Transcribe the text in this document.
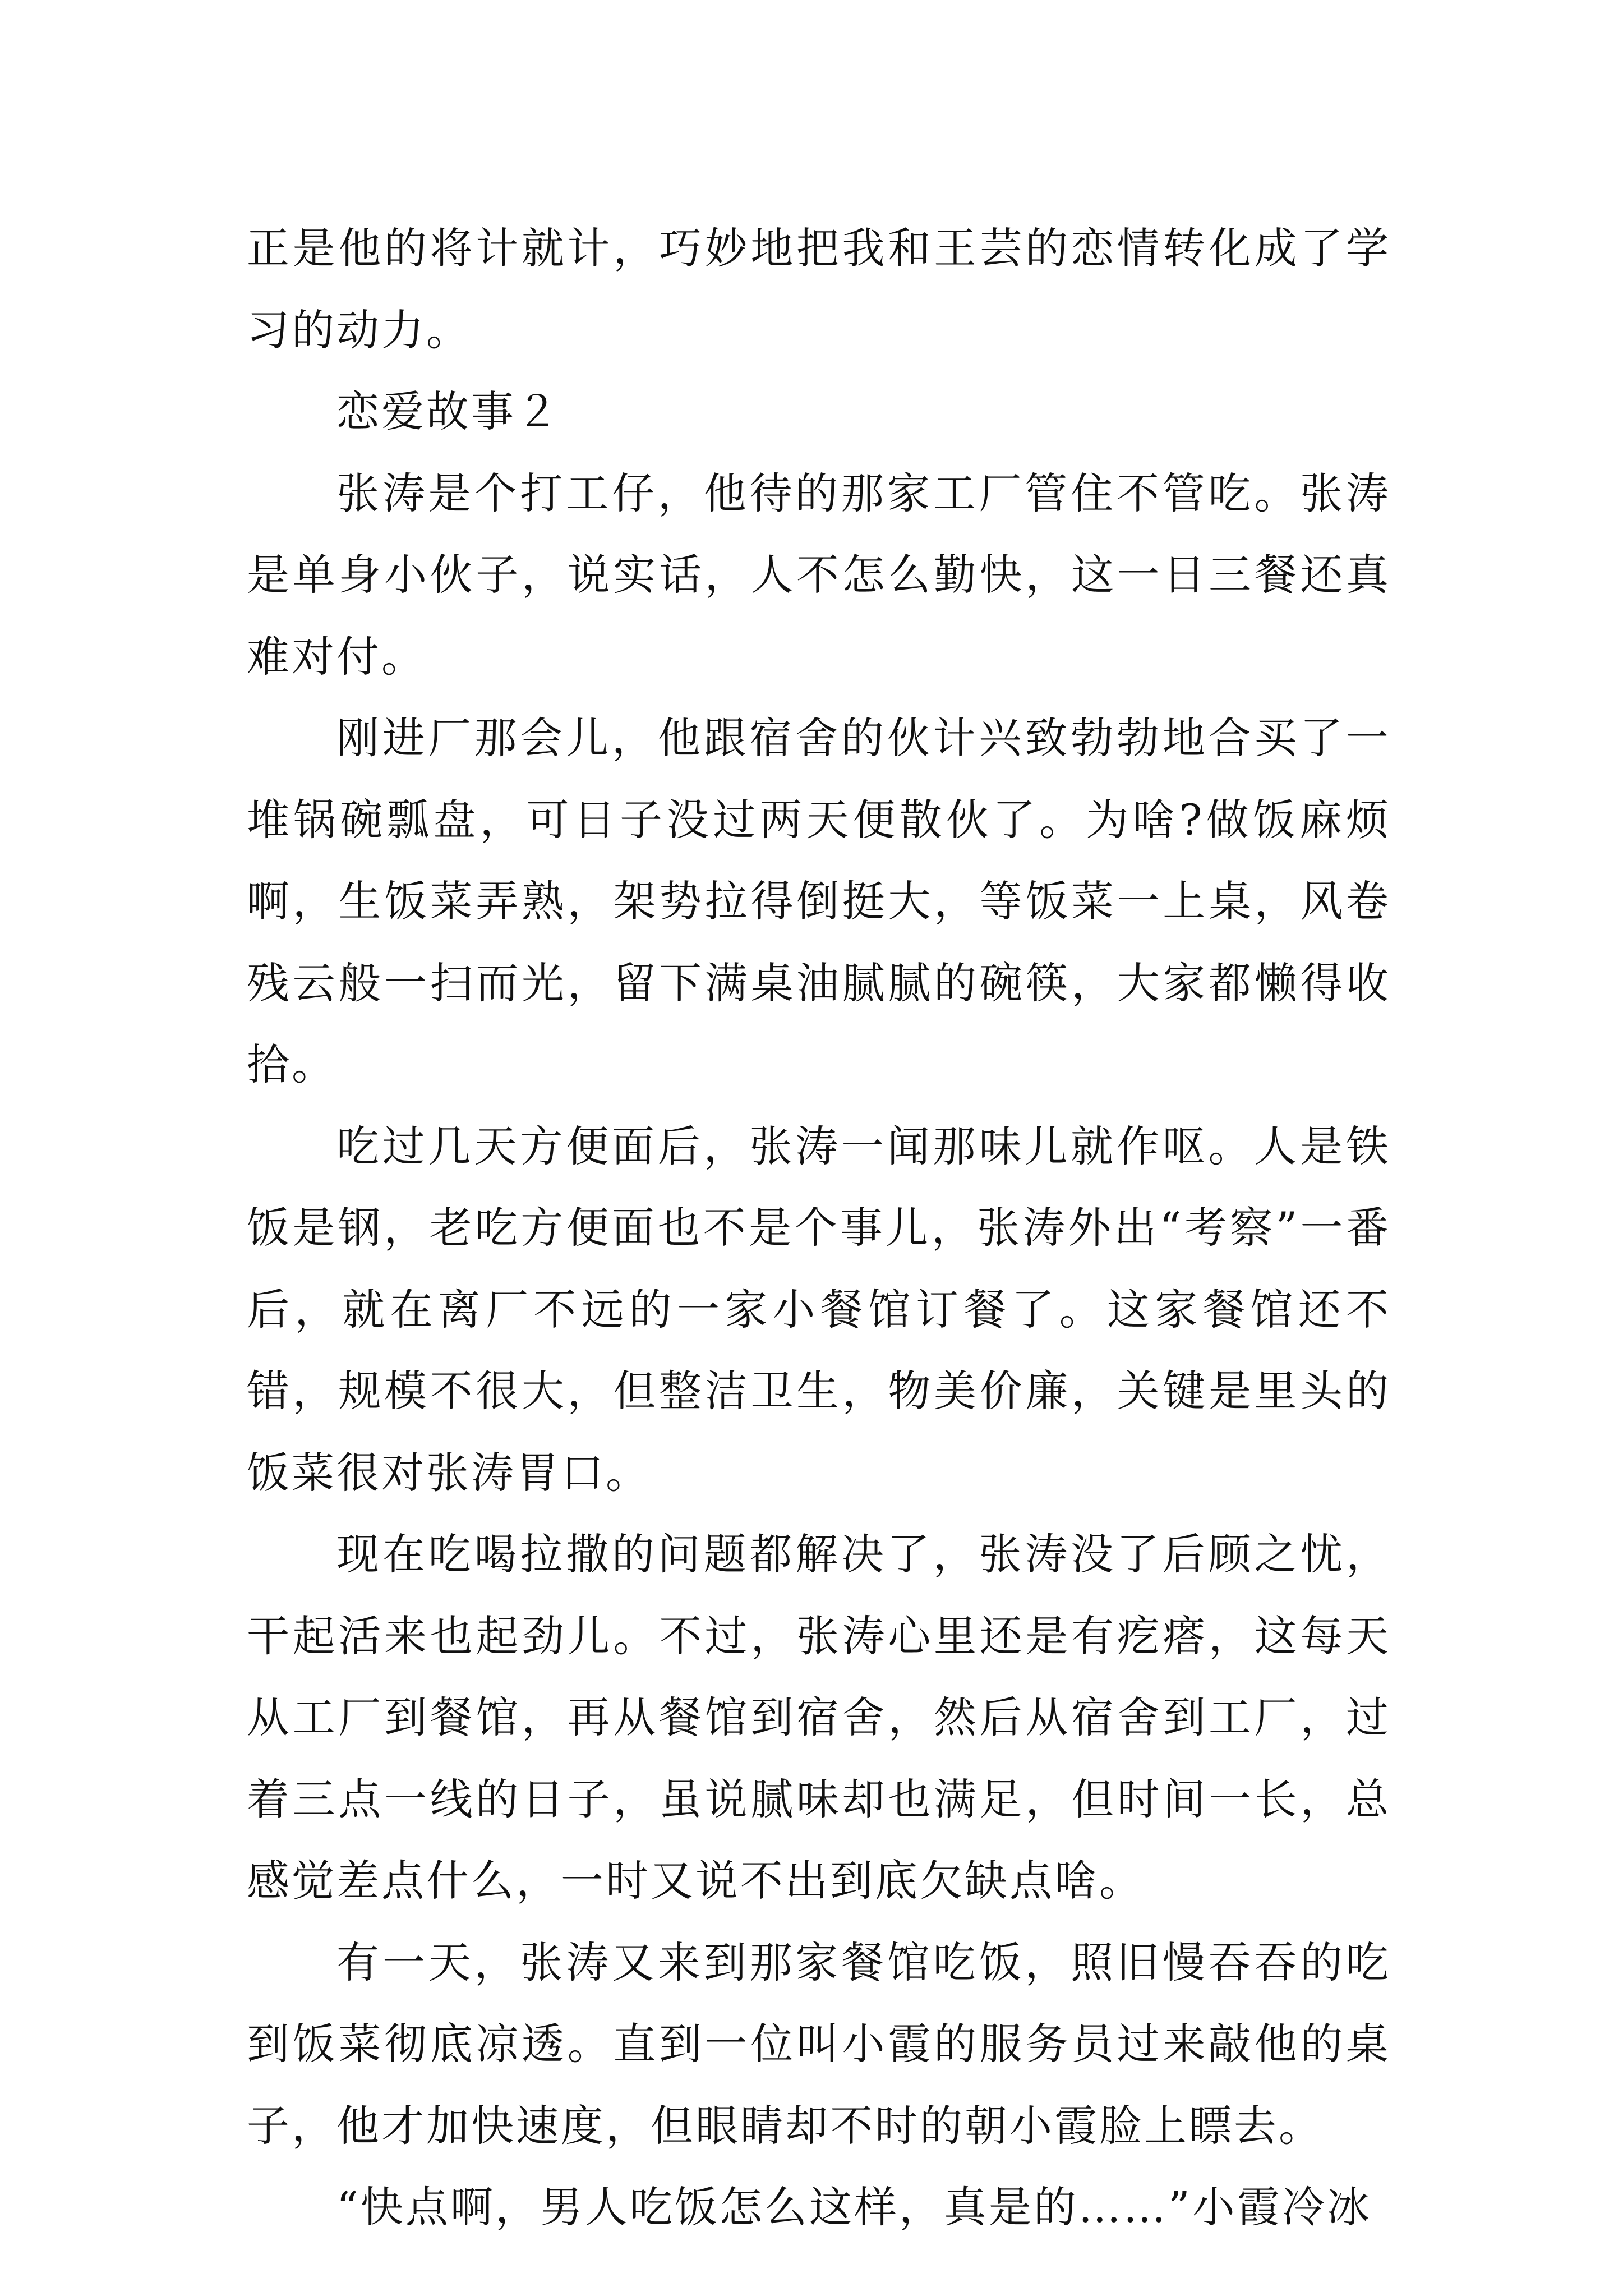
正是他的将计就计，巧妙地把我和王芸的恋情转化成了学习的动力。

恋爱故事２

张涛是个打工仔，他待的那家工厂管住不管吃。张涛是单身小伙子，说实话，人不怎么勤快，这一日三餐还真难对付。

刚进厂那会儿，他跟宿舍的伙计兴致勃勃地合买了一堆锅碗瓢盘，可日子没过两天便散伙了。为啥?做饭麻烦啊，生饭菜弄熟，架势拉得倒挺大，等饭菜一上桌，风卷残云般一扫而光，留下满桌油腻腻的碗筷，大家都懒得收拾。

吃过几天方便面后，张涛一闻那味儿就作呕。人是铁饭是钢，老吃方便面也不是个事儿，张涛外出“考察”一番后，就在离厂不远的一家小餐馆订餐了。这家餐馆还不错，规模不很大，但整洁卫生，物美价廉，关键是里头的饭菜很对张涛胃口。

现在吃喝拉撒的问题都解决了，张涛没了后顾之忧，干起活来也起劲儿。不过，张涛心里还是有疙瘩，这每天从工厂到餐馆，再从餐馆到宿舍，然后从宿舍到工厂，过着三点一线的日子，虽说腻味却也满足，但时间一长，总感觉差点什么，一时又说不出到底欠缺点啥。

有一天，张涛又来到那家餐馆吃饭，照旧慢吞吞的吃到饭菜彻底凉透。直到一位叫小霞的服务员过来敲他的桌子，他才加快速度，但眼睛却不时的朝小霞脸上瞟去。

“快点啊，男人吃饭怎么这样，真是的……”小霞冷冰
